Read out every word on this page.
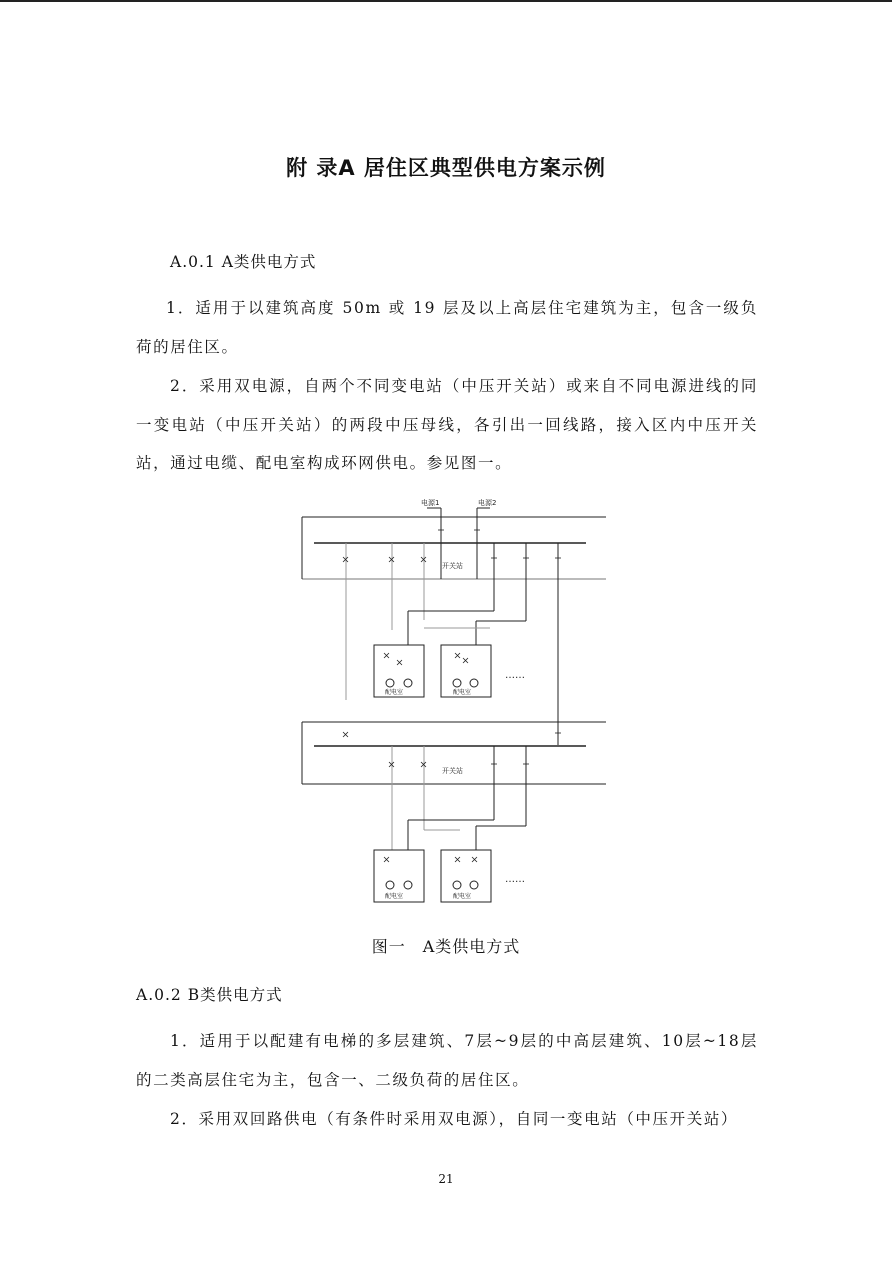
附 录A 居住区典型供电方案示例
A.0.1 A类供电方式
1．适用于以建筑高度 50m 或 19 层及以上高层住宅建筑为主，包含一级负荷的居住区。
2．采用双电源，自两个不同变电站（中压开关站）或来自不同电源进线的同一变电站（中压开关站）的两段中压母线，各引出一回线路，接入区内中压开关站，通过电缆、配电室构成环网供电。参见图一。
电源1	电源2
开关站
开关站
配电室	配电室
配电室	配电室
……
……
图一　A类供电方式
A.0.2 B类供电方式
1．适用于以配建有电梯的多层建筑、7层~9层的中高层建筑、10层~18层的二类高层住宅为主，包含一、二级负荷的居住区。
2．采用双回路供电（有条件时采用双电源），自同一变电站（中压开关站）
21
